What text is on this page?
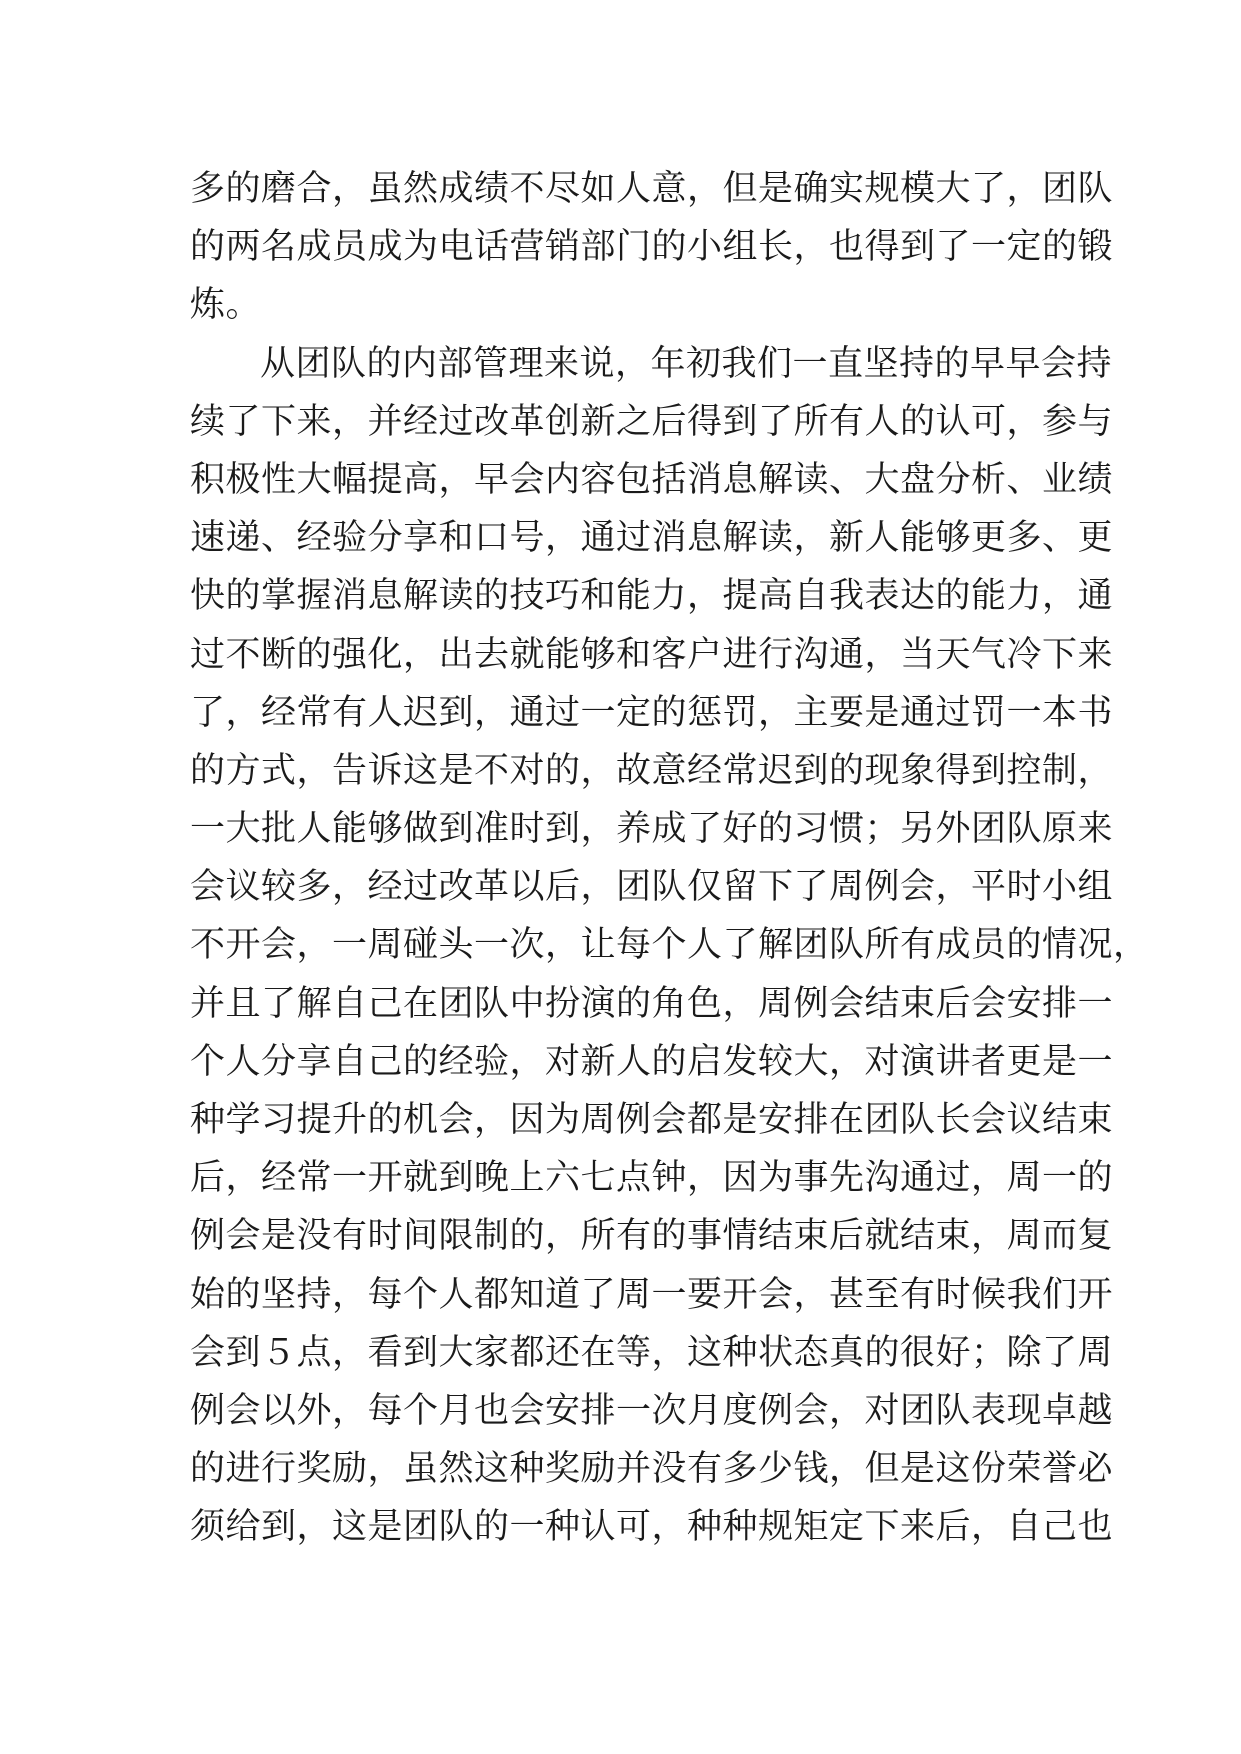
多的磨合，虽然成绩不尽如人意，但是确实规模大了，团队
的两名成员成为电话营销部门的小组长，也得到了一定的锻
炼。
从团队的内部管理来说，年初我们一直坚持的早早会持
续了下来，并经过改革创新之后得到了所有人的认可，参与
积极性大幅提高，早会内容包括消息解读、大盘分析、业绩
速递、经验分享和口号，通过消息解读，新人能够更多、更
快的掌握消息解读的技巧和能力，提高自我表达的能力，通
过不断的强化，出去就能够和客户进行沟通，当天气冷下来
了，经常有人迟到，通过一定的惩罚，主要是通过罚一本书
的方式，告诉这是不对的，故意经常迟到的现象得到控制，
一大批人能够做到准时到，养成了好的习惯；另外团队原来
会议较多，经过改革以后，团队仅留下了周例会，平时小组
不开会，一周碰头一次，让每个人了解团队所有成员的情况，
并且了解自己在团队中扮演的角色，周例会结束后会安排一
个人分享自己的经验，对新人的启发较大，对演讲者更是一
种学习提升的机会，因为周例会都是安排在团队长会议结束
后，经常一开就到晚上六七点钟，因为事先沟通过，周一的
例会是没有时间限制的，所有的事情结束后就结束，周而复
始的坚持，每个人都知道了周一要开会，甚至有时候我们开
会到５点，看到大家都还在等，这种状态真的很好；除了周
例会以外，每个月也会安排一次月度例会，对团队表现卓越
的进行奖励，虽然这种奖励并没有多少钱，但是这份荣誉必
须给到，这是团队的一种认可，种种规矩定下来后，自己也
